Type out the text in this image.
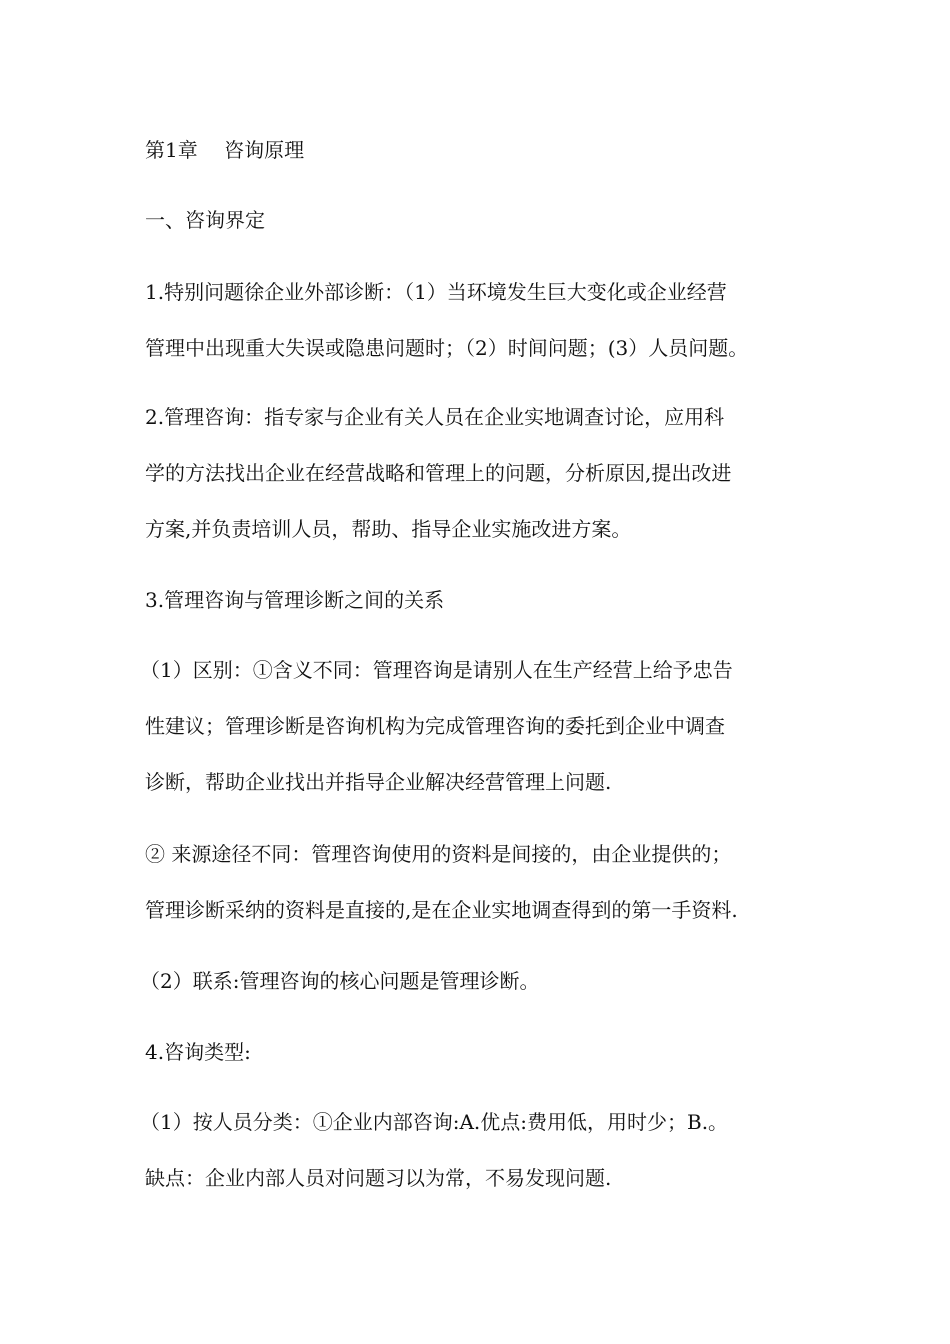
第1章　 咨询原理
一、咨询界定
1.特别问题徐企业外部诊断：（1）当环境发生巨大变化或企业经营
管理中出现重大失误或隐患问题时；（2）时间问题；(3）人员问题。
2.管理咨询：指专家与企业有关人员在企业实地调查讨论，应用科
学的方法找出企业在经营战略和管理上的问题，分析原因,提出改进
方案,并负责培训人员，帮助、指导企业实施改进方案。
3.管理咨询与管理诊断之间的关系
（1）区别：①含义不同：管理咨询是请别人在生产经营上给予忠告
性建议；管理诊断是咨询机构为完成管理咨询的委托到企业中调查
诊断，帮助企业找出并指导企业解决经营管理上问题.
② 来源途径不同：管理咨询使用的资料是间接的，由企业提供的；
管理诊断采纳的资料是直接的,是在企业实地调查得到的第一手资料.
（2）联系:管理咨询的核心问题是管理诊断。
4.咨询类型:
（1）按人员分类：①企业内部咨询:A.优点:费用低，用时少；B.。
缺点：企业内部人员对问题习以为常，不易发现问题.
